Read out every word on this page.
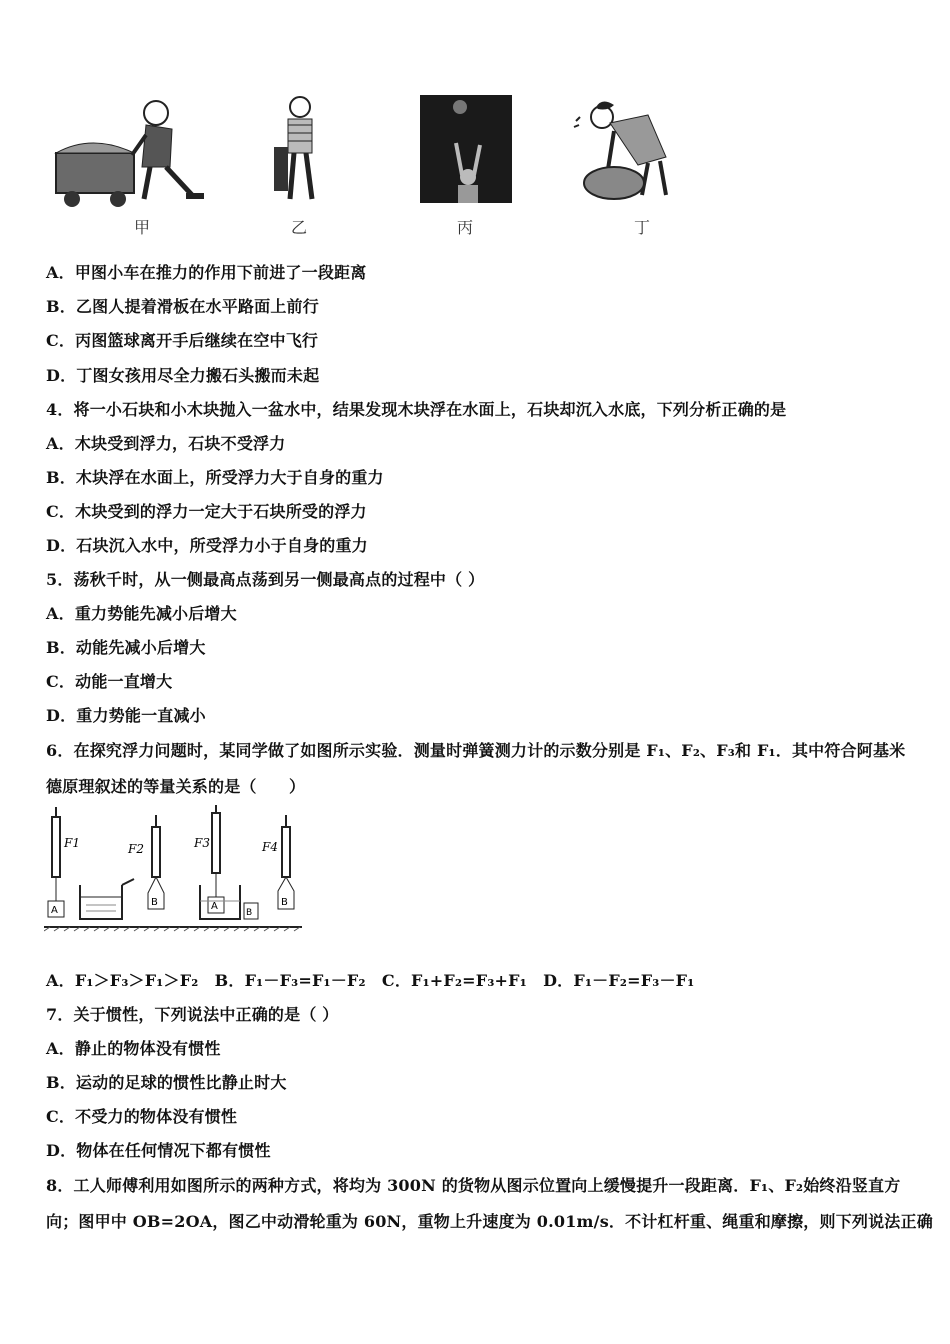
甲	乙	丙	丁
A．甲图小车在推力的作用下前进了一段距离
B．乙图人提着滑板在水平路面上前行
C．丙图篮球离开手后继续在空中飞行
D．丁图女孩用尽全力搬石头搬而未起
4．将一小石块和小木块抛入一盆水中，结果发现木块浮在水面上，石块却沉入水底，下列分析正确的是
A．木块受到浮力，石块不受浮力
B．木块浮在水面上，所受浮力大于自身的重力
C．木块受到的浮力一定大于石块所受的浮力
D．石块沉入水中，所受浮力小于自身的重力
5．荡秋千时，从一侧最高点荡到另一侧最高点的过程中（ ）
A．重力势能先减小后增大
B．动能先减小后增大
C．动能一直增大
D．重力势能一直减小
6．在探究浮力问题时，某同学做了如图所示实验．测量时弹簧测力计的示数分别是 F₁、F₂、F₃和 F₁．其中符合阿基米
德原理叙述的等量关系的是（　　）
F1
A
F2
B
F3
A
B
F4
B
A．F₁＞F₃＞F₁＞F₂　B．F₁－F₃=F₁－F₂　C．F₁+F₂=F₃+F₁　D．F₁－F₂=F₃－F₁
7．关于惯性，下列说法中正确的是（ ）
A．静止的物体没有惯性
B．运动的足球的惯性比静止时大
C．不受力的物体没有惯性
D．物体在任何情况下都有惯性
8．工人师傅利用如图所示的两种方式，将均为 300N 的货物从图示位置向上缓慢提升一段距离．F₁、F₂始终沿竖直方
向；图甲中 OB=2OA，图乙中动滑轮重为 60N，重物上升速度为 0.01m/s．不计杠杆重、绳重和摩擦，则下列说法正确
